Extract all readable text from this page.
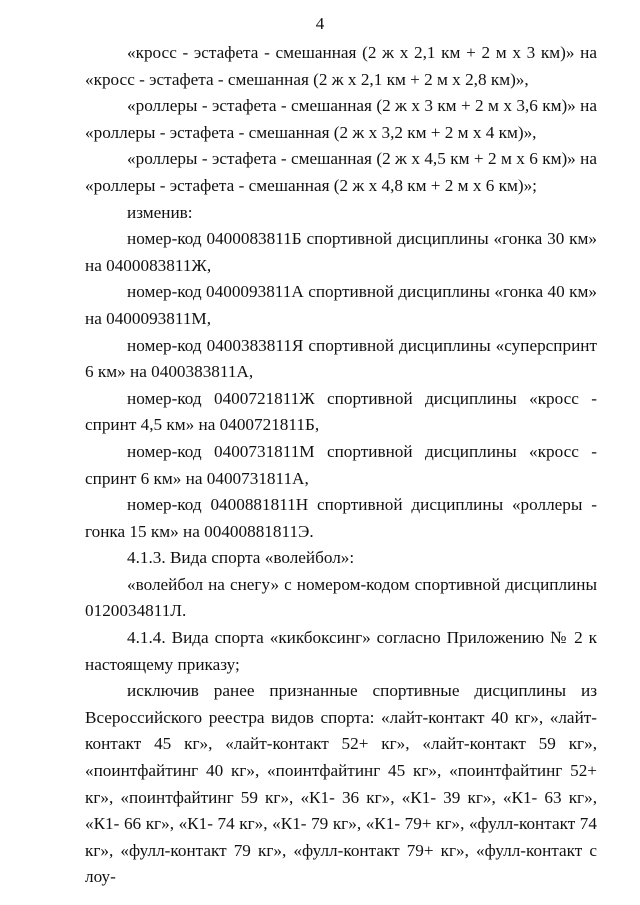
4

«кросс - эстафета - смешанная (2 ж х 2,1 км + 2 м х 3 км)» на «кросс - эстафета - смешанная (2 ж х 2,1 км + 2 м х 2,8 км)»,

«роллеры - эстафета - смешанная (2 ж х 3 км + 2 м х 3,6 км)» на «роллеры - эстафета - смешанная (2 ж х 3,2 км + 2 м х 4 км)»,

«роллеры - эстафета - смешанная (2 ж х 4,5 км + 2 м х 6 км)» на «роллеры - эстафета - смешанная (2 ж х 4,8 км + 2 м х 6 км)»;

изменив:

номер-код 0400083811Б спортивной дисциплины «гонка 30 км» на 0400083811Ж,

номер-код 0400093811А спортивной дисциплины «гонка 40 км» на 0400093811М,

номер-код 0400383811Я спортивной дисциплины «суперспринт 6 км» на 0400383811А,

номер-код 0400721811Ж спортивной дисциплины «кросс - спринт 4,5 км» на 0400721811Б,

номер-код 0400731811М спортивной дисциплины «кросс - спринт 6 км» на 0400731811А,

номер-код 0400881811Н спортивной дисциплины «роллеры - гонка 15 км» на 00400881811Э.

4.1.3. Вида спорта «волейбол»:

«волейбол на снегу» с номером-кодом спортивной дисциплины 0120034811Л.

4.1.4. Вида спорта «кикбоксинг» согласно Приложению № 2 к настоящему приказу;

исключив ранее признанные спортивные дисциплины из Всероссийского реестра видов спорта: «лайт-контакт 40 кг», «лайт-контакт 45 кг», «лайт-контакт 52+ кг», «лайт-контакт 59 кг», «поинтфайтинг 40 кг», «поинтфайтинг 45 кг», «поинтфайтинг 52+ кг», «поинтфайтинг 59 кг», «К1- 36 кг», «К1- 39 кг», «К1- 63 кг», «К1- 66 кг», «К1- 74 кг», «К1- 79 кг», «К1- 79+ кг», «фулл-контакт 74 кг», «фулл-контакт 79 кг», «фулл-контакт 79+ кг», «фулл-контакт с лоу-
